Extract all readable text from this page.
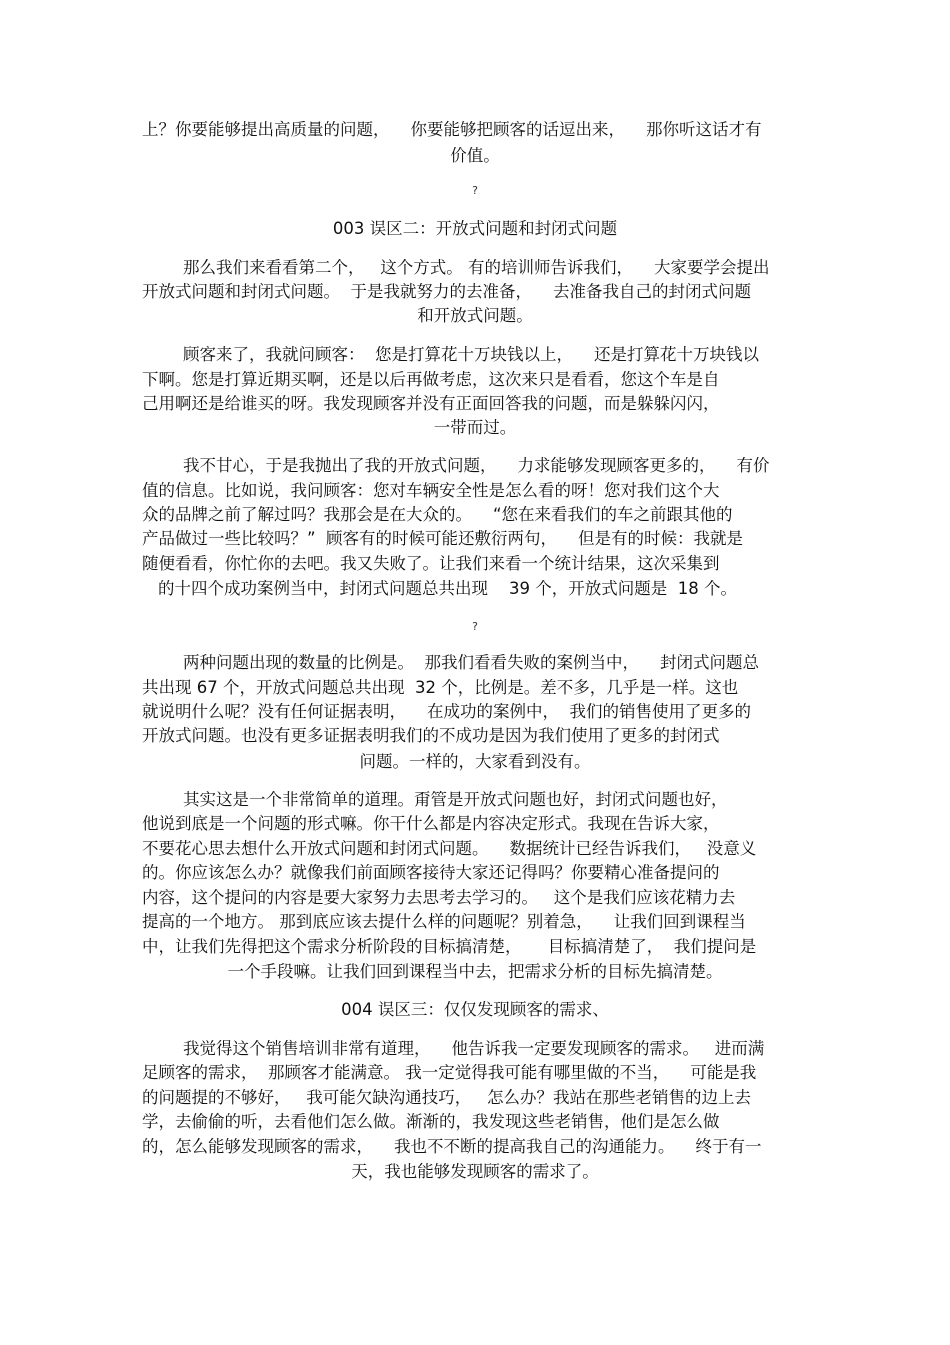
上？你要能够提出高质量的问题，    你要能够把顾客的话逗出来，    那你听这话才有
价值。
?
003 误区二：开放式问题和封闭式问题
那么我们来看看第二个，   这个方式。 有的培训师告诉我们，    大家要学会提出
开放式问题和封闭式问题。  于是我就努力的去准备，    去准备我自己的封闭式问题
和开放式问题。
顾客来了，我就问顾客：  您是打算花十万块钱以上，    还是打算花十万块钱以
下啊。您是打算近期买啊，还是以后再做考虑，这次来只是看看，您这个车是自
己用啊还是给谁买的呀。我发现顾客并没有正面回答我的问题，而是躲躲闪闪，
一带而过。
我不甘心，于是我抛出了我的开放式问题，    力求能够发现顾客更多的，    有价
值的信息。比如说，我问顾客：您对车辆安全性是怎么看的呀！您对我们这个大
众的品牌之前了解过吗？我那会是在大众的。    “您在来看我们的车之前跟其他的
产品做过一些比较吗？”  顾客有的时候可能还敷衍两句，    但是有的时候：我就是
随便看看，你忙你的去吧。我又失败了。让我们来看一个统计结果，这次采集到
的十四个成功案例当中，封闭式问题总共出现    39 个，开放式问题是  18 个。
?
两种问题出现的数量的比例是。  那我们看看失败的案例当中，    封闭式问题总
共出现 67 个，开放式问题总共出现  32 个，比例是。差不多，几乎是一样。这也
就说明什么呢？没有任何证据表明，    在成功的案例中，  我们的销售使用了更多的
开放式问题。也没有更多证据表明我们的不成功是因为我们使用了更多的封闭式
问题。一样的，大家看到没有。
其实这是一个非常简单的道理。甭管是开放式问题也好，封闭式问题也好，
他说到底是一个问题的形式嘛。你干什么都是内容决定形式。我现在告诉大家，
不要花心思去想什么开放式问题和封闭式问题。    数据统计已经告诉我们，   没意义
的。你应该怎么办？就像我们前面顾客接待大家还记得吗？你要精心准备提问的
内容，这个提问的内容是要大家努力去思考去学习的。   这个是我们应该花精力去
提高的一个地方。 那到底应该去提什么样的问题呢？别着急，    让我们回到课程当
中，让我们先得把这个需求分析阶段的目标搞清楚，     目标搞清楚了，  我们提问是
一个手段嘛。让我们回到课程当中去，把需求分析的目标先搞清楚。
004 误区三：仅仅发现顾客的需求、
我觉得这个销售培训非常有道理，    他告诉我一定要发现顾客的需求。   进而满
足顾客的需求，  那顾客才能满意。 我一定觉得我可能有哪里做的不当，    可能是我
的问题提的不够好，   我可能欠缺沟通技巧，   怎么办？我站在那些老销售的边上去
学，去偷偷的听，去看他们怎么做。渐渐的，我发现这些老销售，他们是怎么做
的，怎么能够发现顾客的需求，    我也不不断的提高我自己的沟通能力。    终于有一
天，我也能够发现顾客的需求了。
